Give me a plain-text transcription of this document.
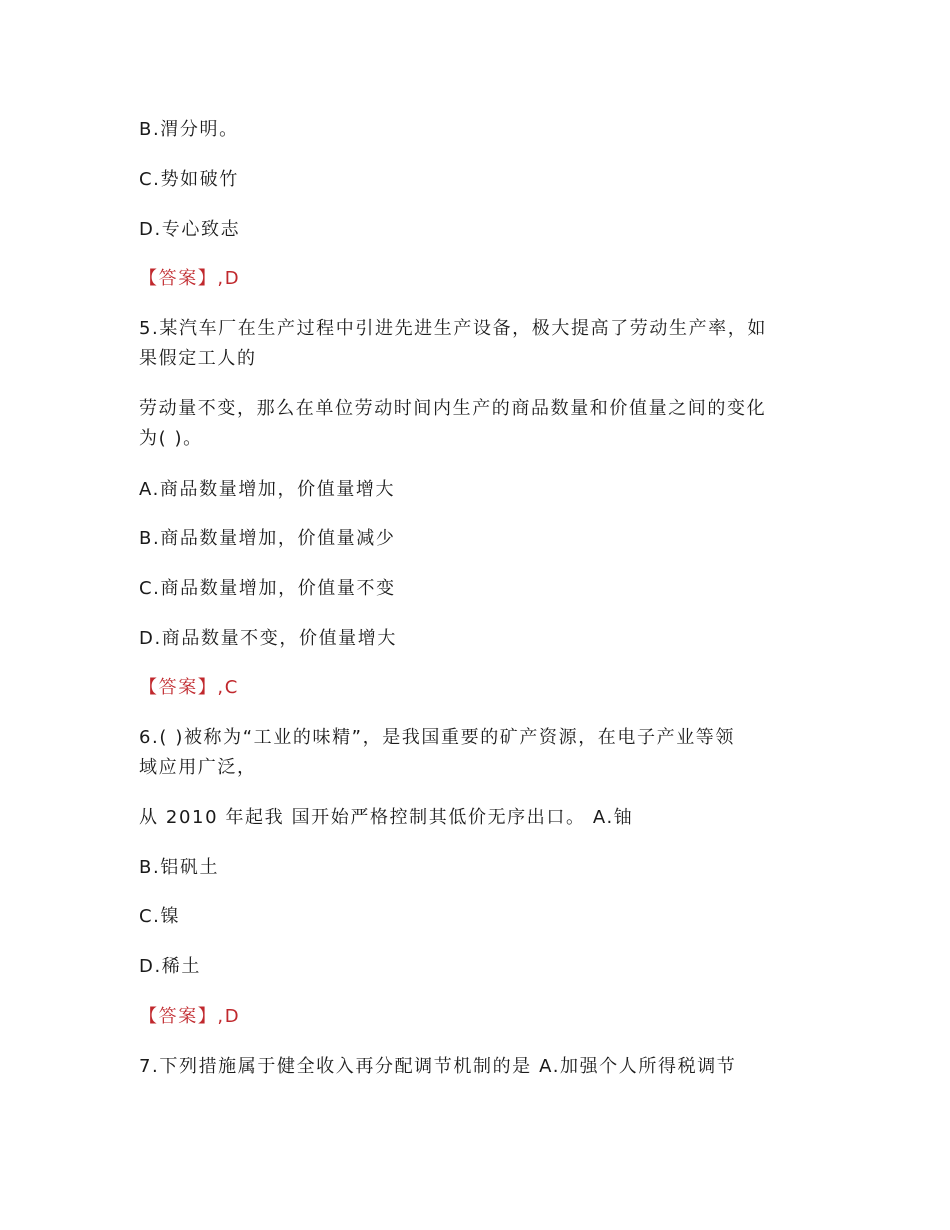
B.渭分明。
C.势如破竹
D.专心致志
【答案】,D
5.某汽车厂在生产过程中引进先进生产设备，极大提高了劳动生产率，如
果假定工人的
劳动量不变，那么在单位劳动时间内生产的商品数量和价值量之间的变化
为( )。
A.商品数量增加，价值量增大
B.商品数量增加，价值量减少
C.商品数量增加，价值量不变
D.商品数量不变，价值量增大
【答案】,C
6.( )被称为“工业的味精”，是我国重要的矿产资源，在电子产业等领
域应用广泛，
从 2010 年起我 国开始严格控制其低价无序出口。 A.铀
B.铝矾土
C.镍
D.稀土
【答案】,D
7.下列措施属于健全收入再分配调节机制的是 A.加强个人所得税调节
